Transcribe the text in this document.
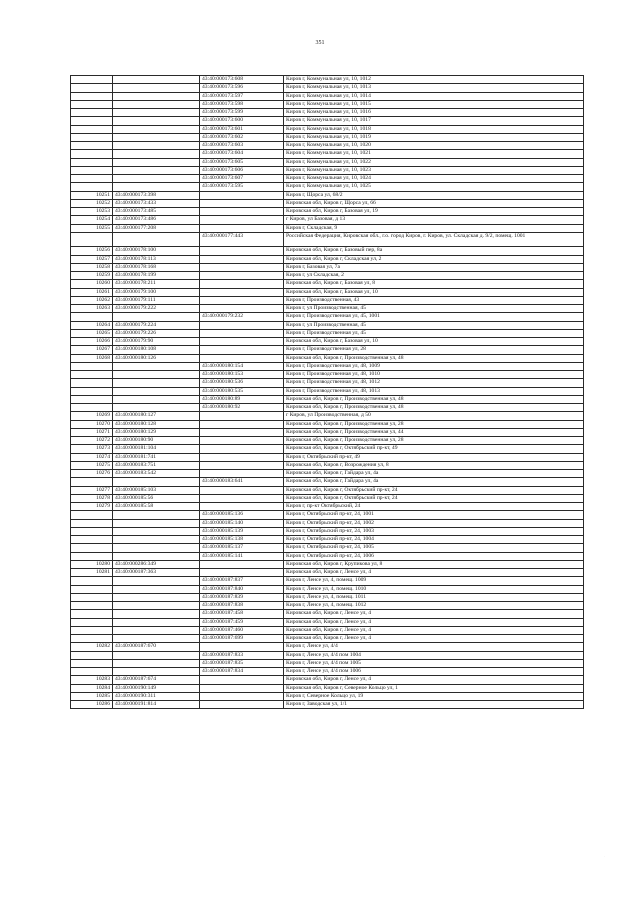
351
		43:40:000173:608	Киров г, Коммунальная ул, 10, 1012
		43:40:000173:596	Киров г, Коммунальная ул, 10, 1013
		43:40:000173:597	Киров г, Коммунальная ул, 10, 1014
		43:40:000173:598	Киров г, Коммунальная ул, 10, 1015
		43:40:000173:599	Киров г, Коммунальная ул, 10, 1016
		43:40:000173:600	Киров г, Коммунальная ул, 10, 1017
		43:40:000173:601	Киров г, Коммунальная ул, 10, 1018
		43:40:000173:602	Киров г, Коммунальная ул, 10, 1019
		43:40:000173:603	Киров г, Коммунальная ул, 10, 1020
		43:40:000173:604	Киров г, Коммунальная ул, 10, 1021
		43:40:000173:605	Киров г, Коммунальная ул, 10, 1022
		43:40:000173:606	Киров г, Коммунальная ул, 10, 1023
		43:40:000173:607	Киров г, Коммунальная ул, 10, 1024
		43:40:000173:595	Киров г, Коммунальная ул, 10, 1025
10251	43:40:000173:398		Киров г, Щорса ул, 68/2
10252	43:40:000173:433		Кировская обл, Киров г, Щорса ул, 66
10253	43:40:000173:485		Кировская обл, Киров г, Базовая ул, 19
10254	43:40:000173:486		г Киров, ул Базовая, д 13
10255	43:40:000177:208		Киров г, Складская, 9
		43:40:000177:443	Российская Федерация, Кировская обл., г.о. город Киров, г. Киров, ул. Складская д. 9/2, помещ. 1001
10256	43:40:000178:100		Кировская обл, Киров г, Базовый пер, 8а
10257	43:40:000178:113		Кировская обл, Киров г, Складская ул, 2
10258	43:40:000178:168		Киров г, Базовая ул, 7а
10259	43:40:000178:199		Киров г, ул Складская, 2
10260	43:40:000178:211		Кировская обл, Киров г, Базовая ул, 8
10261	43:40:000179:100		Кировская обл, Киров г, Базовая ул, 10
10262	43:40:000179:111		Киров г, Производственная, 43
10263	43:40:000179:222		Киров г, ул Производственная, 45
		43:40:000179:232	Киров г, Производственная ул, 45, 1001
10264	43:40:000179:224		Киров г, ул Производственная, 45
10265	43:40:000179:226		Киров г, Производственная ул, 45
10266	43:40:000179:90		Кировская обл, Киров г, Базовая ул, 10
10267	43:40:000180:108		Киров г, Производственная ул, 28
10268	43:40:000180:126		Кировская обл, Киров г, Производственная ул, 48
		43:40:000180:154	Киров г, Производственная ул, 48, 1009
		43:40:000180:153	Киров г, Производственная ул, 48, 1010
		43:40:000180:536	Киров г, Производственная ул, 48, 1012
		43:40:000180:535	Киров г, Производственная ул, 48, 1013
		43:40:000180:89	Кировская обл, Киров г, Производственная ул, 48
		43:40:000180:92	Кировская обл, Киров г, Производственная ул, 48
10269	43:40:000180:127		г Киров, ул Производственная, д 50
10270	43:40:000180:128		Кировская обл, Киров г, Производственная ул, 28
10271	43:40:000180:129		Кировская обл, Киров г, Производственная ул, 44
10272	43:40:000180:90		Кировская обл, Киров г, Производственная ул, 28
10273	43:40:000181:104		Кировская обл, Киров г, Октябрьский пр-кт, 49
10274	43:40:000181:741		Киров г, Октябрьский пр-кт, 49
10275	43:40:000183:751		Кировская обл, Киров г, Возрождения ул, 8
10276	43:40:000183:542		Кировская обл, Киров г, Гайдара ул, 4а
		43:40:000183:641	Кировская обл, Киров г, Гайдара ул, 4а
10277	43:40:000185:103		Кировская обл, Киров г, Октябрьский пр-кт, 24
10278	43:40:000185:56		Кировская обл, Киров г, Октябрьский пр-кт, 24
10279	43:40:000185:58		Киров г, пр-кт Октябрьский, 24
		43:40:000185:136	Киров г, Октябрьский пр-кт, 24, 1001
		43:40:000185:140	Киров г, Октябрьский пр-кт, 24, 1002
		43:40:000185:139	Киров г, Октябрьский пр-кт, 24, 1003
		43:40:000185:138	Киров г, Октябрьский пр-кт, 24, 1004
		43:40:000185:137	Киров г, Октябрьский пр-кт, 24, 1005
		43:40:000185:141	Киров г, Октябрьский пр-кт, 24, 1006
10280	43:40:000286:349		Кировская обл, Киров г, Крупикова ул, 8
10281	43:40:000187:363		Кировская обл, Киров г, Ленсе ул, 4
		43:40:000187:837	Киров г, Ленсе ул, 4, помещ. 1009
		43:40:000187:840	Киров г, Ленсе ул, 4, помещ. 1010
		43:40:000187:839	Киров г, Ленсе ул, 4, помещ. 1011
		43:40:000187:838	Киров г, Ленсе ул, 4, помещ. 1012
		43:40:000187:458	Кировская обл, Киров г, Ленсе ул, 4
		43:40:000187:459	Кировская обл, Киров г, Ленсе ул, 4
		43:40:000187:460	Кировская обл, Киров г, Ленсе ул, 4
		43:40:000187:699	Кировская обл, Киров г, Ленсе ул, 4
10282	43:40:000187:670		Киров г, Ленсе ул, 4/4
		43:40:000187:833	Киров г, Ленсе ул, 4/4 пом 1004
		43:40:000187:835	Киров г, Ленсе ул, 4/4 пом 1005
		43:40:000187:834	Киров г, Ленсе ул, 4/4 пом 1006
10283	43:40:000187:674		Кировская обл, Киров г, Ленсе ул, 4
10284	43:40:000190:149		Кировская обл, Киров г, Северное Кольцо ул, 1
10285	43:40:000190:311		Киров г, Северное Кольцо ул, 19
10286	43:40:000191:814		Киров г, Заводская ул, 1/1
·
